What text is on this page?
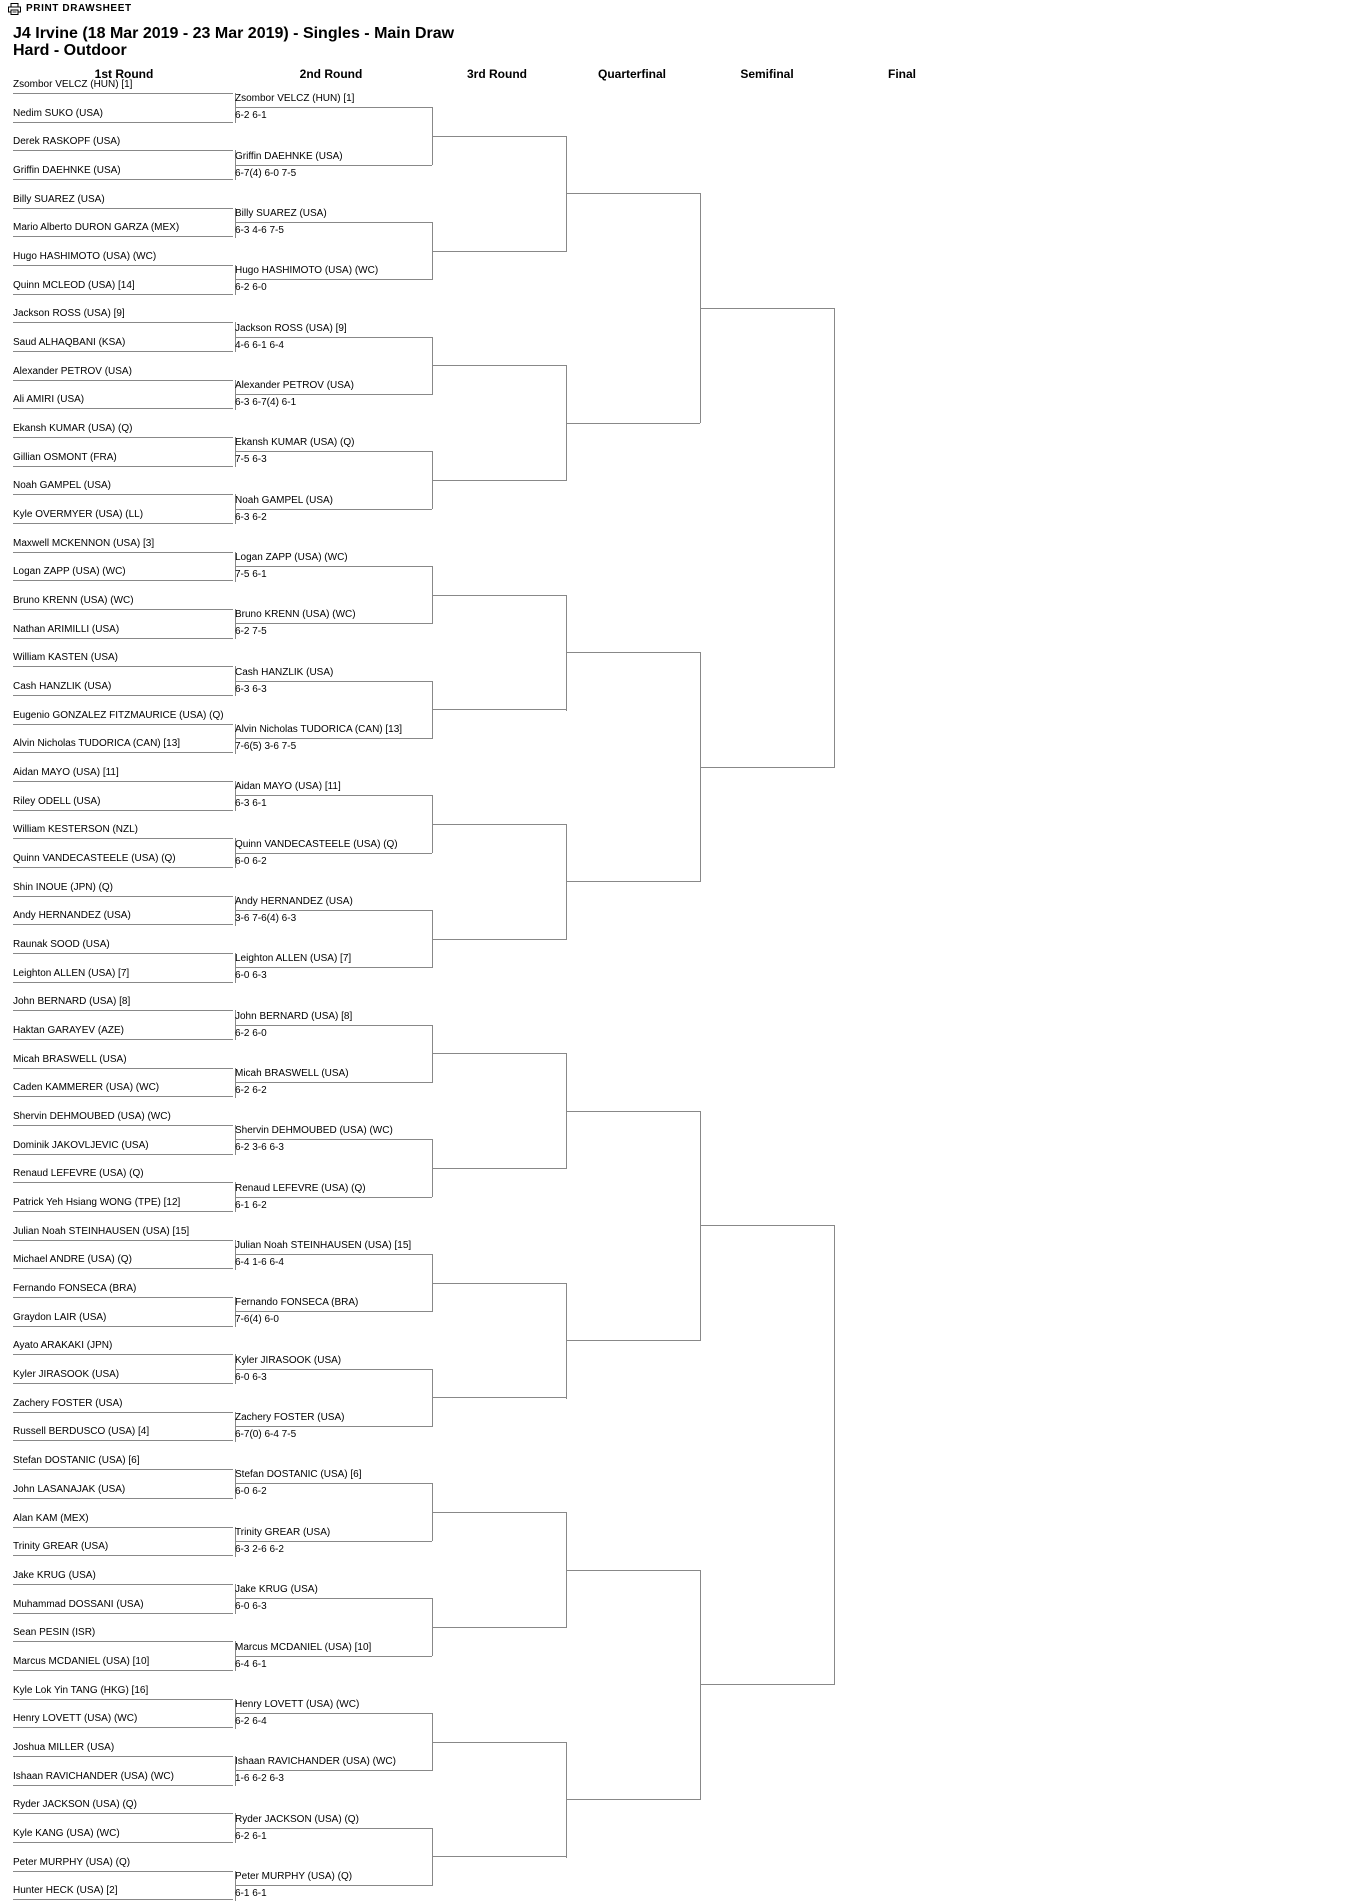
PRINT DRAWSHEET
J4 Irvine (18 Mar 2019 - 23 Mar 2019) - Singles - Main Draw
Hard - Outdoor
1st Round	2nd Round	3rd Round	Quarterfinal	Semifinal	Final
Zsombor VELCZ (HUN) [1]
Nedim SUKO (USA)
Derek RASKOPF (USA)
Griffin DAEHNKE (USA)
Billy SUAREZ (USA)
Mario Alberto DURON GARZA (MEX)
Hugo HASHIMOTO (USA) (WC)
Quinn MCLEOD (USA) [14]
Jackson ROSS (USA) [9]
Saud ALHAQBANI (KSA)
Alexander PETROV (USA)
Ali AMIRI (USA)
Ekansh KUMAR (USA) (Q)
Gillian OSMONT (FRA)
Noah GAMPEL (USA)
Kyle OVERMYER (USA) (LL)
Maxwell MCKENNON (USA) [3]
Logan ZAPP (USA) (WC)
Bruno KRENN (USA) (WC)
Nathan ARIMILLI (USA)
William KASTEN (USA)
Cash HANZLIK (USA)
Eugenio GONZALEZ FITZMAURICE (USA) (Q)
Alvin Nicholas TUDORICA (CAN) [13]
Aidan MAYO (USA) [11]
Riley ODELL (USA)
William KESTERSON (NZL)
Quinn VANDECASTEELE (USA) (Q)
Shin INOUE (JPN) (Q)
Andy HERNANDEZ (USA)
Raunak SOOD (USA)
Leighton ALLEN (USA) [7]
John BERNARD (USA) [8]
Haktan GARAYEV (AZE)
Micah BRASWELL (USA)
Caden KAMMERER (USA) (WC)
Shervin DEHMOUBED (USA) (WC)
Dominik JAKOVLJEVIC (USA)
Renaud LEFEVRE (USA) (Q)
Patrick Yeh Hsiang WONG (TPE) [12]
Julian Noah STEINHAUSEN (USA) [15]
Michael ANDRE (USA) (Q)
Fernando FONSECA (BRA)
Graydon LAIR (USA)
Ayato ARAKAKI (JPN)
Kyler JIRASOOK (USA)
Zachery FOSTER (USA)
Russell BERDUSCO (USA) [4]
Stefan DOSTANIC (USA) [6]
John LASANAJAK (USA)
Alan KAM (MEX)
Trinity GREAR (USA)
Jake KRUG (USA)
Muhammad DOSSANI (USA)
Sean PESIN (ISR)
Marcus MCDANIEL (USA) [10]
Kyle Lok Yin TANG (HKG) [16]
Henry LOVETT (USA) (WC)
Joshua MILLER (USA)
Ishaan RAVICHANDER (USA) (WC)
Ryder JACKSON (USA) (Q)
Kyle KANG (USA) (WC)
Peter MURPHY (USA) (Q)
Hunter HECK (USA) [2]
Zsombor VELCZ (HUN) [1]
6-2 6-1
Griffin DAEHNKE (USA)
6-7(4) 6-0 7-5
Billy SUAREZ (USA)
6-3 4-6 7-5
Hugo HASHIMOTO (USA) (WC)
6-2 6-0
Jackson ROSS (USA) [9]
4-6 6-1 6-4
Alexander PETROV (USA)
6-3 6-7(4) 6-1
Ekansh KUMAR (USA) (Q)
7-5 6-3
Noah GAMPEL (USA)
6-3 6-2
Logan ZAPP (USA) (WC)
7-5 6-1
Bruno KRENN (USA) (WC)
6-2 7-5
Cash HANZLIK (USA)
6-3 6-3
Alvin Nicholas TUDORICA (CAN) [13]
7-6(5) 3-6 7-5
Aidan MAYO (USA) [11]
6-3 6-1
Quinn VANDECASTEELE (USA) (Q)
6-0 6-2
Andy HERNANDEZ (USA)
3-6 7-6(4) 6-3
Leighton ALLEN (USA) [7]
6-0 6-3
John BERNARD (USA) [8]
6-2 6-0
Micah BRASWELL (USA)
6-2 6-2
Shervin DEHMOUBED (USA) (WC)
6-2 3-6 6-3
Renaud LEFEVRE (USA) (Q)
6-1 6-2
Julian Noah STEINHAUSEN (USA) [15]
6-4 1-6 6-4
Fernando FONSECA (BRA)
7-6(4) 6-0
Kyler JIRASOOK (USA)
6-0 6-3
Zachery FOSTER (USA)
6-7(0) 6-4 7-5
Stefan DOSTANIC (USA) [6]
6-0 6-2
Trinity GREAR (USA)
6-3 2-6 6-2
Jake KRUG (USA)
6-0 6-3
Marcus MCDANIEL (USA) [10]
6-4 6-1
Henry LOVETT (USA) (WC)
6-2 6-4
Ishaan RAVICHANDER (USA) (WC)
1-6 6-2 6-3
Ryder JACKSON (USA) (Q)
6-2 6-1
Peter MURPHY (USA) (Q)
6-1 6-1
